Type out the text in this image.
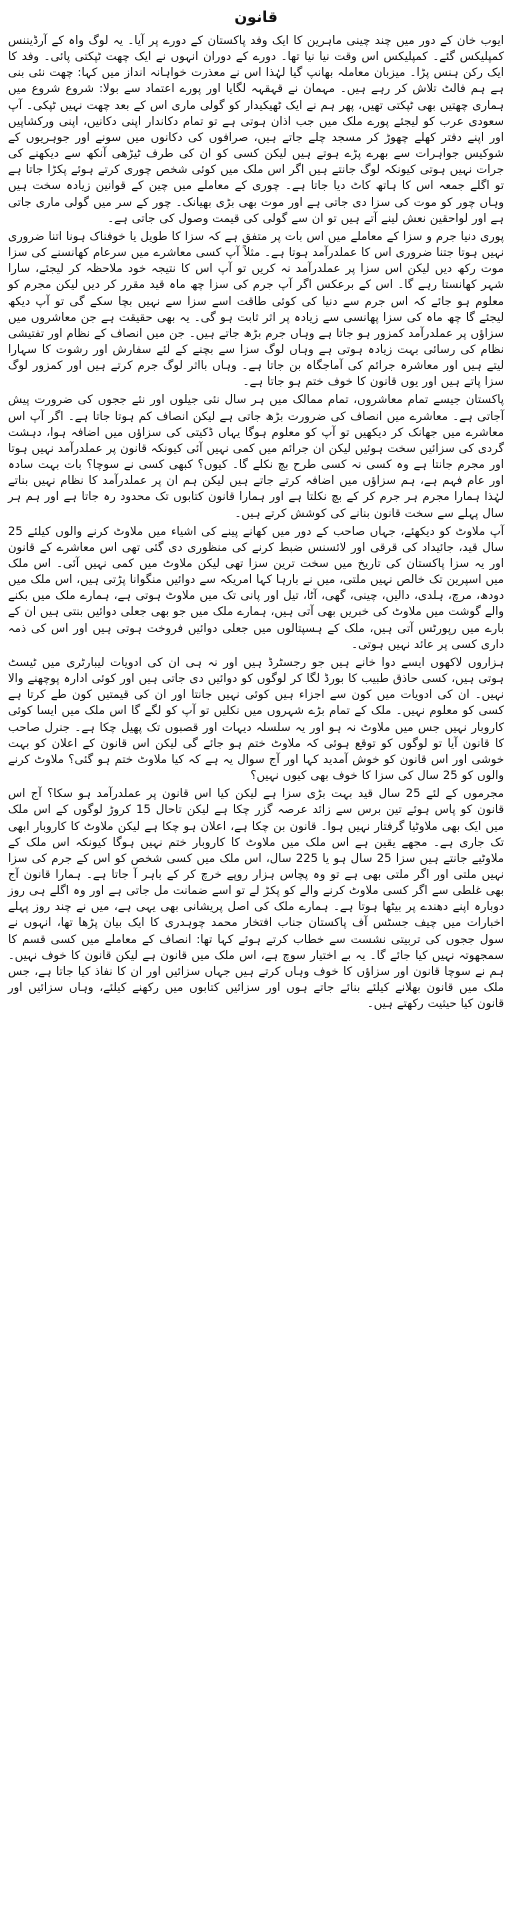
قانون

ایوب خان کے دور میں چند چینی ماہرین کا ایک وفد پاکستان کے دورے پر آیا۔ یہ لوگ واہ کے آرڈیننس کمپلیکس گئے۔ کمپلیکس اس وقت نیا نیا تھا۔ دورے کے دوران انہوں نے ایک چھت ٹپکتی پائی۔ وفد کا ایک رکن ہنس پڑا۔ میزبان معاملہ بھانپ گیا لہٰذا اس نے معذرت خواہانہ انداز میں کہا: چھت نئی بنی ہے ہم فالٹ تلاش کر رہے ہیں۔ مہمان نے قہقہہ لگایا اور پورے اعتماد سے بولا: شروع شروع میں ہماری چھتیں بھی ٹپکتی تھیں، پھر ہم نے ایک ٹھیکیدار کو گولی ماری اس کے بعد چھت نہیں ٹپکی۔ آپ سعودی عرب کو لیجئے پورے ملک میں جب اذان ہوتی ہے تو تمام دکاندار اپنی دکانیں، اپنی ورکشاپیں اور اپنے دفتر کھلے چھوڑ کر مسجد چلے جاتے ہیں، صرافوں کی دکانوں میں سونے اور جوہریوں کے شوکیس جواہرات سے بھرے پڑے ہوتے ہیں لیکن کسی کو ان کی طرف ٹیڑھی آنکھ سے دیکھنے کی جرات نہیں ہوتی کیونکہ لوگ جانتے ہیں اگر اس ملک میں کوئی شخص چوری کرتے ہوئے پکڑا جاتا ہے تو اگلے جمعہ اس کا ہاتھ کاٹ دیا جاتا ہے۔ چوری کے معاملے میں چین کے قوانین زیادہ سخت ہیں وہاں چور کو موت کی سزا دی جاتی ہے اور موت بھی بڑی بھیانک۔ چور کے سر میں گولی ماری جاتی ہے اور لواحقین نعش لینے آتے ہیں تو ان سے گولی کی قیمت وصول کی جاتی ہے۔

پوری دنیا جرم و سزا کے معاملے میں اس بات پر متفق ہے کہ سزا کا طویل یا خوفناک ہونا اتنا ضروری نہیں ہوتا جتنا ضروری اس کا عملدرآمد ہوتا ہے۔ مثلاً آپ کسی معاشرے میں سرعام کھانسنے کی سزا موت رکھ دیں لیکن اس سزا پر عملدرآمد نہ کریں تو آپ اس کا نتیجہ خود ملاحظہ کر لیجئے، سارا شہر کھانستا رہے گا۔ اس کے برعکس اگر آپ جرم کی سزا چھ ماہ قید مقرر کر دیں لیکن مجرم کو معلوم ہو جائے کہ اس جرم سے دنیا کی کوئی طاقت اسے سزا سے نہیں بچا سکے گی تو آپ دیکھ لیجئے گا چھ ماہ کی سزا پھانسی سے زیادہ پر اثر ثابت ہو گی۔ یہ بھی حقیقت ہے جن معاشروں میں سزاؤں پر عملدرآمد کمزور ہو جاتا ہے وہاں جرم بڑھ جاتے ہیں۔ جن میں انصاف کے نظام اور تفتیشی نظام کی رسائی بہت زیادہ ہوتی ہے وہاں لوگ سزا سے بچنے کے لئے سفارش اور رشوت کا سہارا لیتے ہیں اور معاشرہ جرائم کی آماجگاہ بن جاتا ہے۔ وہاں بااثر لوگ جرم کرتے ہیں اور کمزور لوگ سزا پاتے ہیں اور یوں قانون کا خوف ختم ہو جاتا ہے۔

پاکستان جیسے تمام معاشروں، تمام ممالک میں ہر سال نئی جیلوں اور نئے ججوں کی ضرورت پیش آجاتی ہے۔ معاشرے میں انصاف کی ضرورت بڑھ جاتی ہے لیکن انصاف کم ہوتا جاتا ہے۔ اگر آپ اس معاشرے میں جھانک کر دیکھیں تو آپ کو معلوم ہوگا یہاں ڈکیتی کی سزاؤں میں اضافہ ہوا، دہشت گردی کی سزائیں سخت ہوئیں لیکن ان جرائم میں کمی نہیں آئی کیونکہ قانون پر عملدرآمد نہیں ہوتا اور مجرم جانتا ہے وہ کسی نہ کسی طرح بچ نکلے گا۔ کیوں؟ کبھی کسی نے سوچا؟ بات بہت سادہ اور عام فہم ہے، ہم سزاؤں میں اضافہ کرتے جاتے ہیں لیکن ہم ان پر عملدرآمد کا نظام نہیں بناتے لہٰذا ہمارا مجرم ہر جرم کر کے بچ نکلتا ہے اور ہمارا قانون کتابوں تک محدود رہ جاتا ہے اور ہم ہر سال پہلے سے سخت قانون بنانے کی کوشش کرتے ہیں۔

آپ ملاوٹ کو دیکھئے، جہاں صاحب کے دور میں کھانے پینے کی اشیاء میں ملاوٹ کرنے والوں کیلئے 25 سال قید، جائیداد کی قرقی اور لائسنس ضبط کرنے کی منظوری دی گئی تھی اس معاشرے کے قانون اور یہ سزا پاکستان کی تاریخ میں سخت ترین سزا تھی لیکن ملاوٹ میں کمی نہیں آئی۔ اس ملک میں اسپرین تک خالص نہیں ملتی، میں نے بارہا کہا امریکہ سے دوائیں منگوانا پڑتی ہیں، اس ملک میں دودھ، مرچ، ہلدی، دالیں، چینی، گھی، آٹا، تیل اور پانی تک میں ملاوٹ ہوتی ہے، ہمارے ملک میں بکنے والے گوشت میں ملاوٹ کی خبریں بھی آتی ہیں، ہمارے ملک میں جو بھی جعلی دوائیں بنتی ہیں ان کے بارے میں رپورٹس آتی ہیں، ملک کے ہسپتالوں میں جعلی دوائیں فروخت ہوتی ہیں اور اس کی ذمہ داری کسی پر عائد نہیں ہوتی۔

ہزاروں لاکھوں ایسے دوا خانے ہیں جو رجسٹرڈ ہیں اور نہ ہی ان کی ادویات لیبارٹری میں ٹیسٹ ہوتی ہیں، کسی حاذق طبیب کا بورڈ لگا کر لوگوں کو دوائیں دی جاتی ہیں اور کوئی ادارہ پوچھنے والا نہیں۔ ان کی ادویات میں کون سے اجزاء ہیں کوئی نہیں جانتا اور ان کی قیمتیں کون طے کرتا ہے کسی کو معلوم نہیں۔ ملک کے تمام بڑے شہروں میں نکلیں تو آپ کو لگے گا اس ملک میں ایسا کوئی کاروبار نہیں جس میں ملاوٹ نہ ہو اور یہ سلسلہ دیہات اور قصبوں تک پھیل چکا ہے۔ جنرل صاحب کا قانون آیا تو لوگوں کو توقع ہوئی کہ ملاوٹ ختم ہو جائے گی لیکن اس قانون کے اعلان کو بہت خوشی اور اس قانون کو خوش آمدید کہا اور آج سوال یہ ہے کہ کیا ملاوٹ ختم ہو گئی؟ ملاوٹ کرنے والوں کو 25 سال کی سزا کا خوف بھی کیوں نہیں؟

مجرموں کے لئے 25 سال قید بہت بڑی سزا ہے لیکن کیا اس قانون پر عملدرآمد ہو سکا؟ آج اس قانون کو پاس ہوئے تین برس سے زائد عرصہ گزر چکا ہے لیکن تاحال 15 کروڑ لوگوں کے اس ملک میں ایک بھی ملاوٹیا گرفتار نہیں ہوا۔ قانون بن چکا ہے، اعلان ہو چکا ہے لیکن ملاوٹ کا کاروبار ابھی تک جاری ہے۔ مجھے یقین ہے اس ملک میں ملاوٹ کا کاروبار ختم نہیں ہوگا کیونکہ اس ملک کے ملاوٹیے جانتے ہیں سزا 25 سال ہو یا 225 سال، اس ملک میں کسی شخص کو اس کے جرم کی سزا نہیں ملتی اور اگر ملتی بھی ہے تو وہ پچاس ہزار روپے خرچ کر کے باہر آ جاتا ہے۔ ہمارا قانون آج بھی غلطی سے اگر کسی ملاوٹ کرنے والے کو پکڑ لے تو اسے ضمانت مل جاتی ہے اور وہ اگلے ہی روز دوبارہ اپنے دھندے پر بیٹھا ہوتا ہے۔ ہمارے ملک کی اصل پریشانی بھی یہی ہے، میں نے چند روز پہلے اخبارات میں چیف جسٹس آف پاکستان جناب افتخار محمد چوہدری کا ایک بیان پڑھا تھا، انہوں نے سول ججوں کی تربیتی نشست سے خطاب کرتے ہوئے کہا تھا: انصاف کے معاملے میں کسی قسم کا سمجھوتہ نہیں کیا جائے گا۔ یہ بے اختیار سوچ ہے، اس ملک میں قانون ہے لیکن قانون کا خوف نہیں۔ ہم نے سوچا قانون اور سزاؤں کا خوف وہاں کرتے ہیں جہاں سزائیں اور ان کا نفاذ کیا جاتا ہے، جس ملک میں قانون بھلانے کیلئے بنائے جاتے ہوں اور سزائیں کتابوں میں رکھنے کیلئے، وہاں سزائیں اور قانون کیا حیثیت رکھتے ہیں۔
